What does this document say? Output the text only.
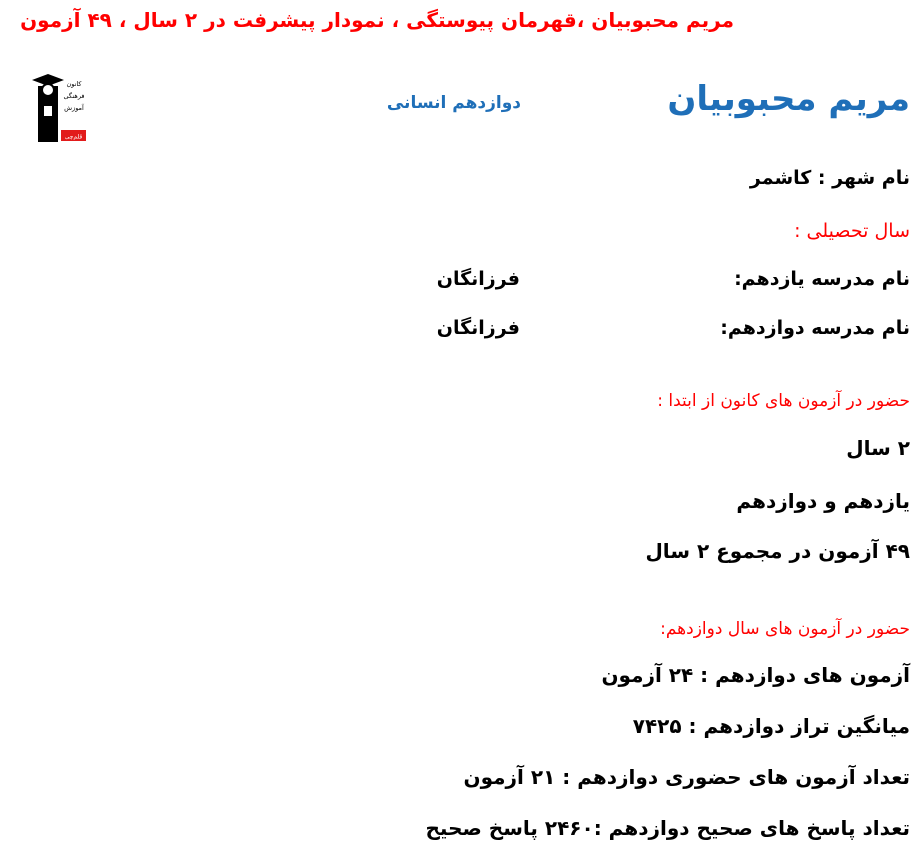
کانون
فرهنگی
آموزش
قلم‌چی
مریم محبوبیان ،قهرمان پیوستگی ، نمودار پیشرفت در ۲ سال ، ۴۹ آزمون
مریم محبوبیان
دوازدهم انسانی
نام شهر : کاشمر
سال تحصیلی :
نام مدرسه یازدهم:
فرزانگان
نام مدرسه دوازدهم:
فرزانگان
حضور در آزمون های کانون از ابتدا :
۲ سال
یازدهم و دوازدهم
۴۹ آزمون در مجموع ۲ سال
حضور در آزمون های سال دوازدهم:
آزمون های دوازدهم : ۲۴ آزمون
میانگین تراز دوازدهم : ۷۴۲۵
تعداد آزمون های حضوری دوازدهم : ۲۱ آزمون
تعداد پاسخ های صحیح دوازدهم :۲۴۶۰ پاسخ صحیح
